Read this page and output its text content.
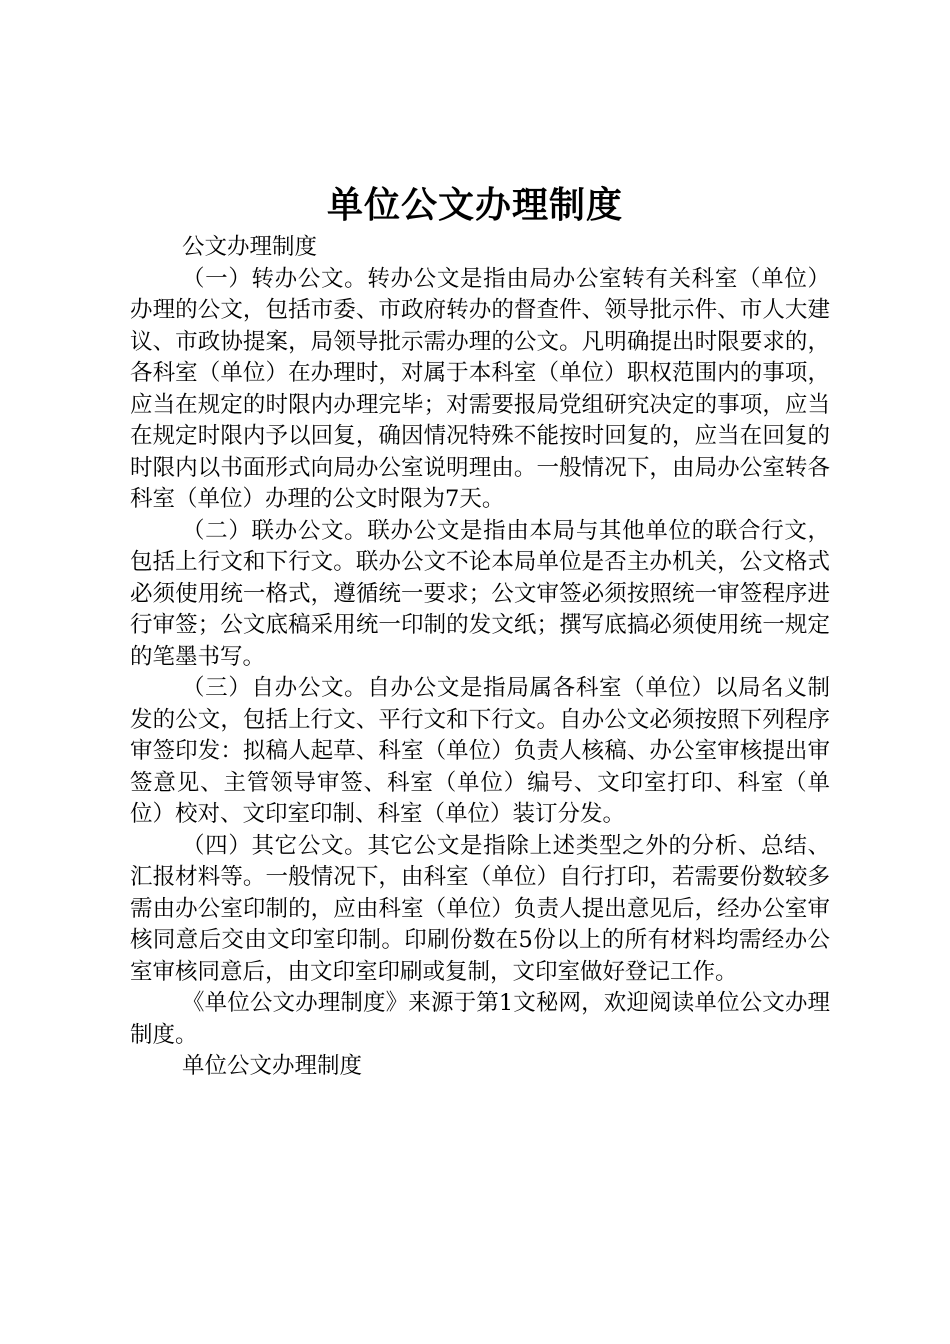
单位公文办理制度

公文办理制度

（一）转办公文。转办公文是指由局办公室转有关科室（单位）办理的公文，包括市委、市政府转办的督查件、领导批示件、市人大建议、市政协提案，局领导批示需办理的公文。凡明确提出时限要求的，各科室（单位）在办理时，对属于本科室（单位）职权范围内的事项，应当在规定的时限内办理完毕；对需要报局党组研究决定的事项，应当在规定时限内予以回复，确因情况特殊不能按时回复的，应当在回复的时限内以书面形式向局办公室说明理由。一般情况下，由局办公室转各科室（单位）办理的公文时限为7天。

（二）联办公文。联办公文是指由本局与其他单位的联合行文，包括上行文和下行文。联办公文不论本局单位是否主办机关，公文格式必须使用统一格式，遵循统一要求；公文审签必须按照统一审签程序进行审签；公文底稿采用统一印制的发文纸；撰写底搞必须使用统一规定的笔墨书写。

（三）自办公文。自办公文是指局属各科室（单位）以局名义制发的公文，包括上行文、平行文和下行文。自办公文必须按照下列程序审签印发：拟稿人起草、科室（单位）负责人核稿、办公室审核提出审签意见、主管领导审签、科室（单位）编号、文印室打印、科室（单位）校对、文印室印制、科室（单位）装订分发。

（四）其它公文。其它公文是指除上述类型之外的分析、总结、汇报材料等。一般情况下，由科室（单位）自行打印，若需要份数较多需由办公室印制的，应由科室（单位）负责人提出意见后，经办公室审核同意后交由文印室印制。印刷份数在5份以上的所有材料均需经办公室审核同意后，由文印室印刷或复制，文印室做好登记工作。

《单位公文办理制度》来源于第1文秘网，欢迎阅读单位公文办理制度。

单位公文办理制度
